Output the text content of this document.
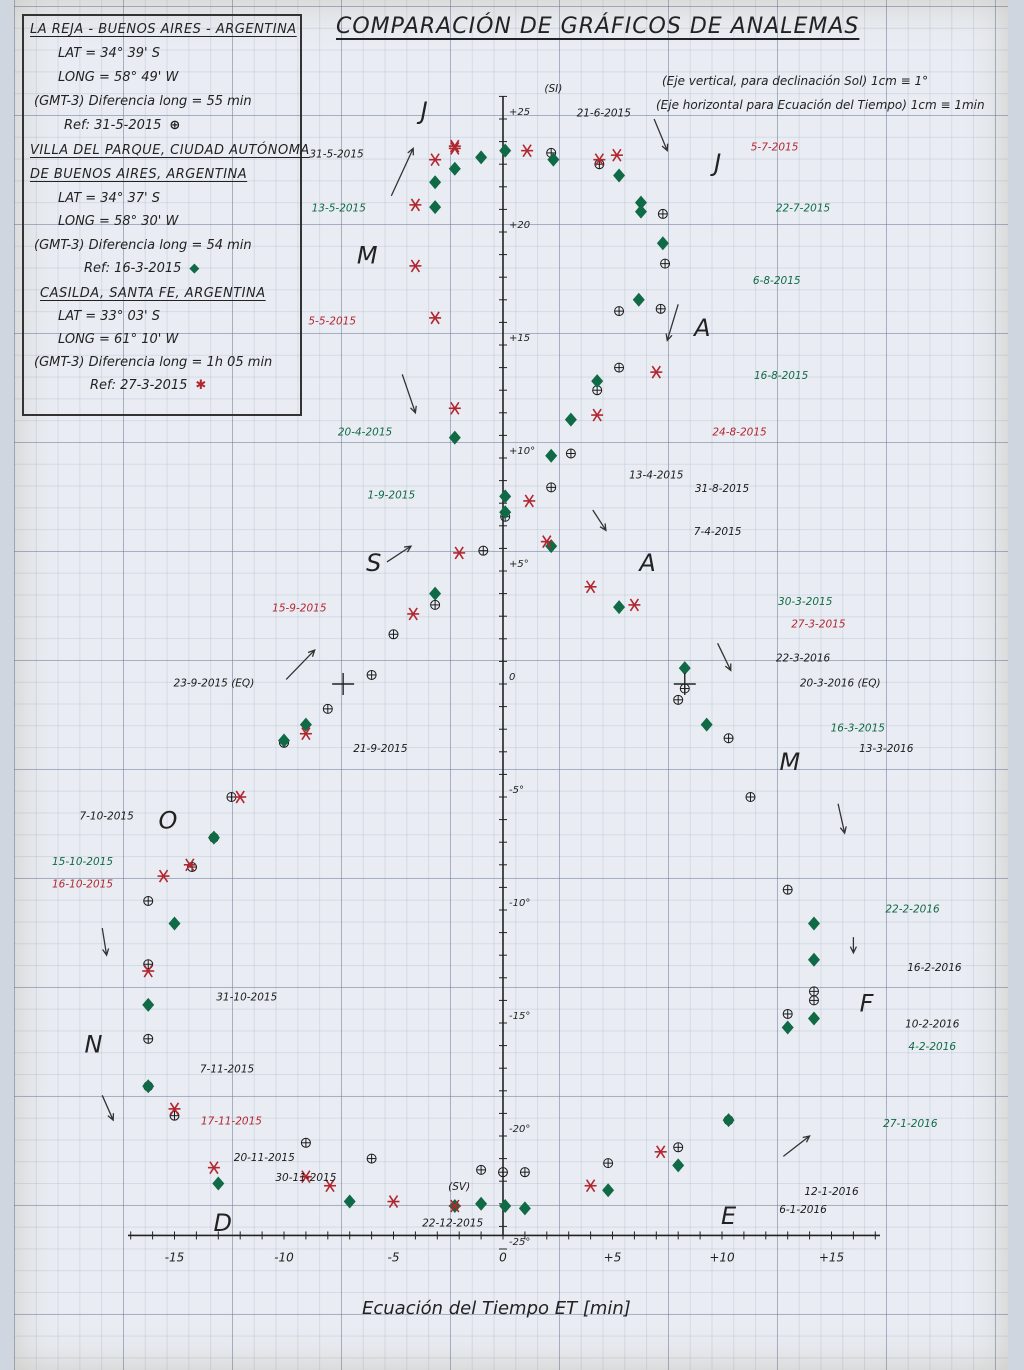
-15	-10	-5	0	+5	+10	+15
+25
+20
+15
+10°
+5°
0
-5°
-10°
-15°
-20°
-25°
J
J
M
A
S	A
M
O
F
N
D	E
(SI)
21-6-2015
31-5-2015
5-7-2015
13-5-2015	22-7-2015
6-8-2015
5-5-2015
16-8-2015
20-4-2015	24-8-2015
13-4-2015
31-8-2015
1-9-2015
7-4-2015
30-3-2015
15-9-2015
27-3-2015
22-3-2016
20-3-2016 (EQ)
23-9-2015 (EQ)
16-3-2015
21-9-2015	13-3-2016
7-10-2015
15-10-2015
16-10-2015
22-2-2016
16-2-2016
31-10-2015
10-2-2016
4-2-2016
7-11-2015
17-11-2015	27-1-2016
20-11-2015
30-11-2015
12-1-2016
6-1-2016
(SV)
22-12-2015
COMPARACIÓN DE GRÁFICOS DE ANALEMAS
LA REJA - BUENOS AIRES - ARGENTINA
LAT = 34° 39' S
LONG = 58° 49' W
(GMT-3) Diferencia long = 55 min
Ref: 31-5-2015 ⊕
VILLA DEL PARQUE, CIUDAD AUTÓNOMA
DE BUENOS AIRES, ARGENTINA
LAT = 34° 37' S
LONG = 58° 30' W
(GMT-3) Diferencia long = 54 min
Ref: 16-3-2015 ◆
CASILDA, SANTA FE, ARGENTINA
LAT = 33° 03' S
LONG = 61° 10' W
(GMT-3) Diferencia long = 1h 05 min
Ref: 27-3-2015 ✱
(Eje vertical, para declinación Sol) 1cm ≡ 1°
(Eje horizontal para Ecuación del Tiempo) 1cm ≡ 1min
Ecuación del Tiempo ET [min]
